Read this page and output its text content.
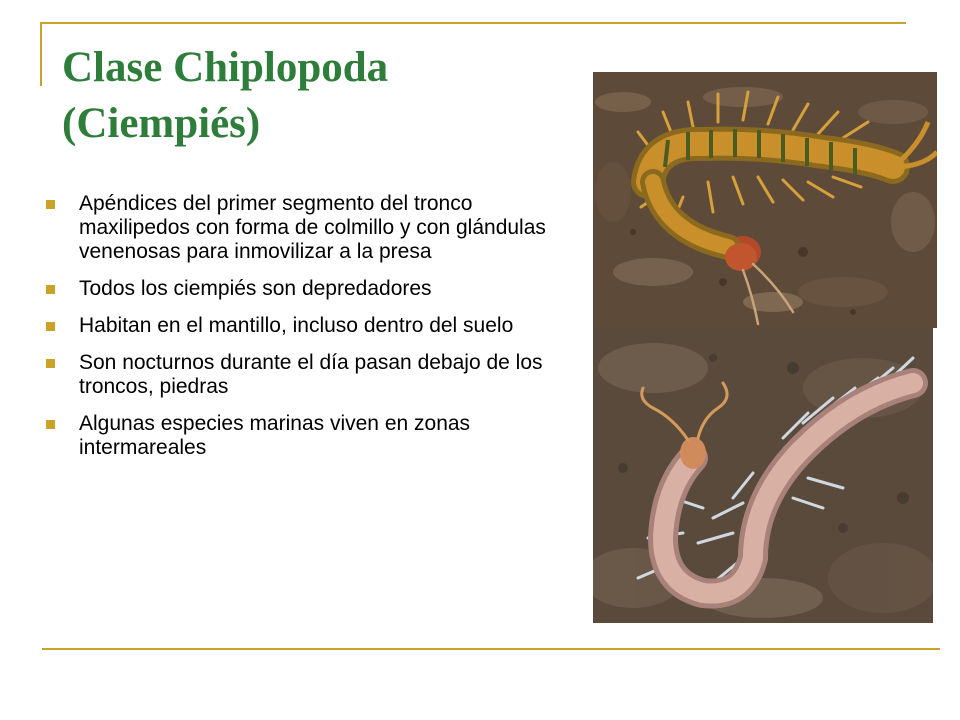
Clase Chiplopoda
(Ciempiés)
Apéndices del primer segmento del tronco maxilipedos con forma de colmillo y con glándulas venenosas para inmovilizar a la presa
Todos los ciempiés son depredadores
Habitan en el mantillo, incluso dentro del suelo
Son nocturnos durante el día pasan debajo de los troncos, piedras
Algunas especies marinas viven en zonas intermareales
